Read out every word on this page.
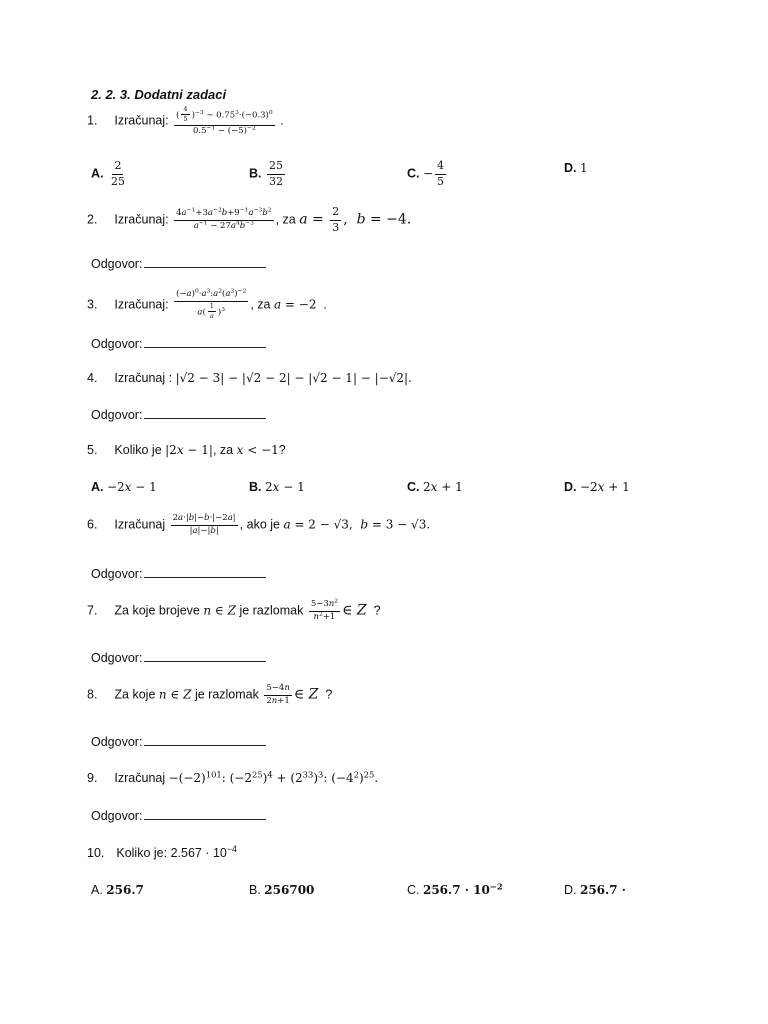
2. 2. 3. Dodatni zadaci
1. Izračunaj: $\frac{( \frac{4}{5} )^{-3} - 0.75^3\cdot(-0.3)^0}{0.5^{-1} - (-5)^{-2}}$ .
A. $\frac{2}{25}$	B. $\frac{25}{32}$	C. − $\frac{4}{5}$	D. 1
2. Izračunaj: $\frac{4a^{-1}+3a^{-2}b+9^{-1}a^{-3}b^2}{a^{-1} - 27a^4b^{-3}}$ , za $a = \frac{2}{3}$ ,  b = −4.
Odgovor:
3. Izračunaj: $\frac{(-a)^0\cdot a^3:a^2(a^3)^{-2}}{a( \frac{1}{a} )^3}$ , za a = −2  .
Odgovor:
4. Izračunaj : |√2 − 3| − |√2 − 2| − |√2 − 1| − |−√2|.
Odgovor:
5. Koliko je |2x − 1|, za x < −1?
A. −2𝑥 − 1	B. 2𝑥 − 1	C. 2𝑥 + 1	D. −2𝑥 + 1
6. Izračunaj $\frac{2a\cdot|b|-b\cdot|-2a|}{|a|-|b|}$ , ako je a = 2 − √3,  b = 3 − √3.
Odgovor:
7. Za koje brojeve n ∈ Z je razlomak $\frac{5-3n^2}{n^2+1}$ ∈ Z  ?
Odgovor:
8. Za koje n ∈ Z je razlomak $\frac{5-4n}{2n+1}$ ∈ Z  ?
Odgovor:
9. Izračunaj $-(-2)^{101}$: $(-2^{25})^4 + (2^{33})^3$: $(-4^2)^{25}$.
Odgovor:
10. Koliko je: $2.567 \cdot 10^{-4}$
A. 256.7	B. 256700	C. $256.7 \cdot 10^{-2}$	D. 256.7 ·
